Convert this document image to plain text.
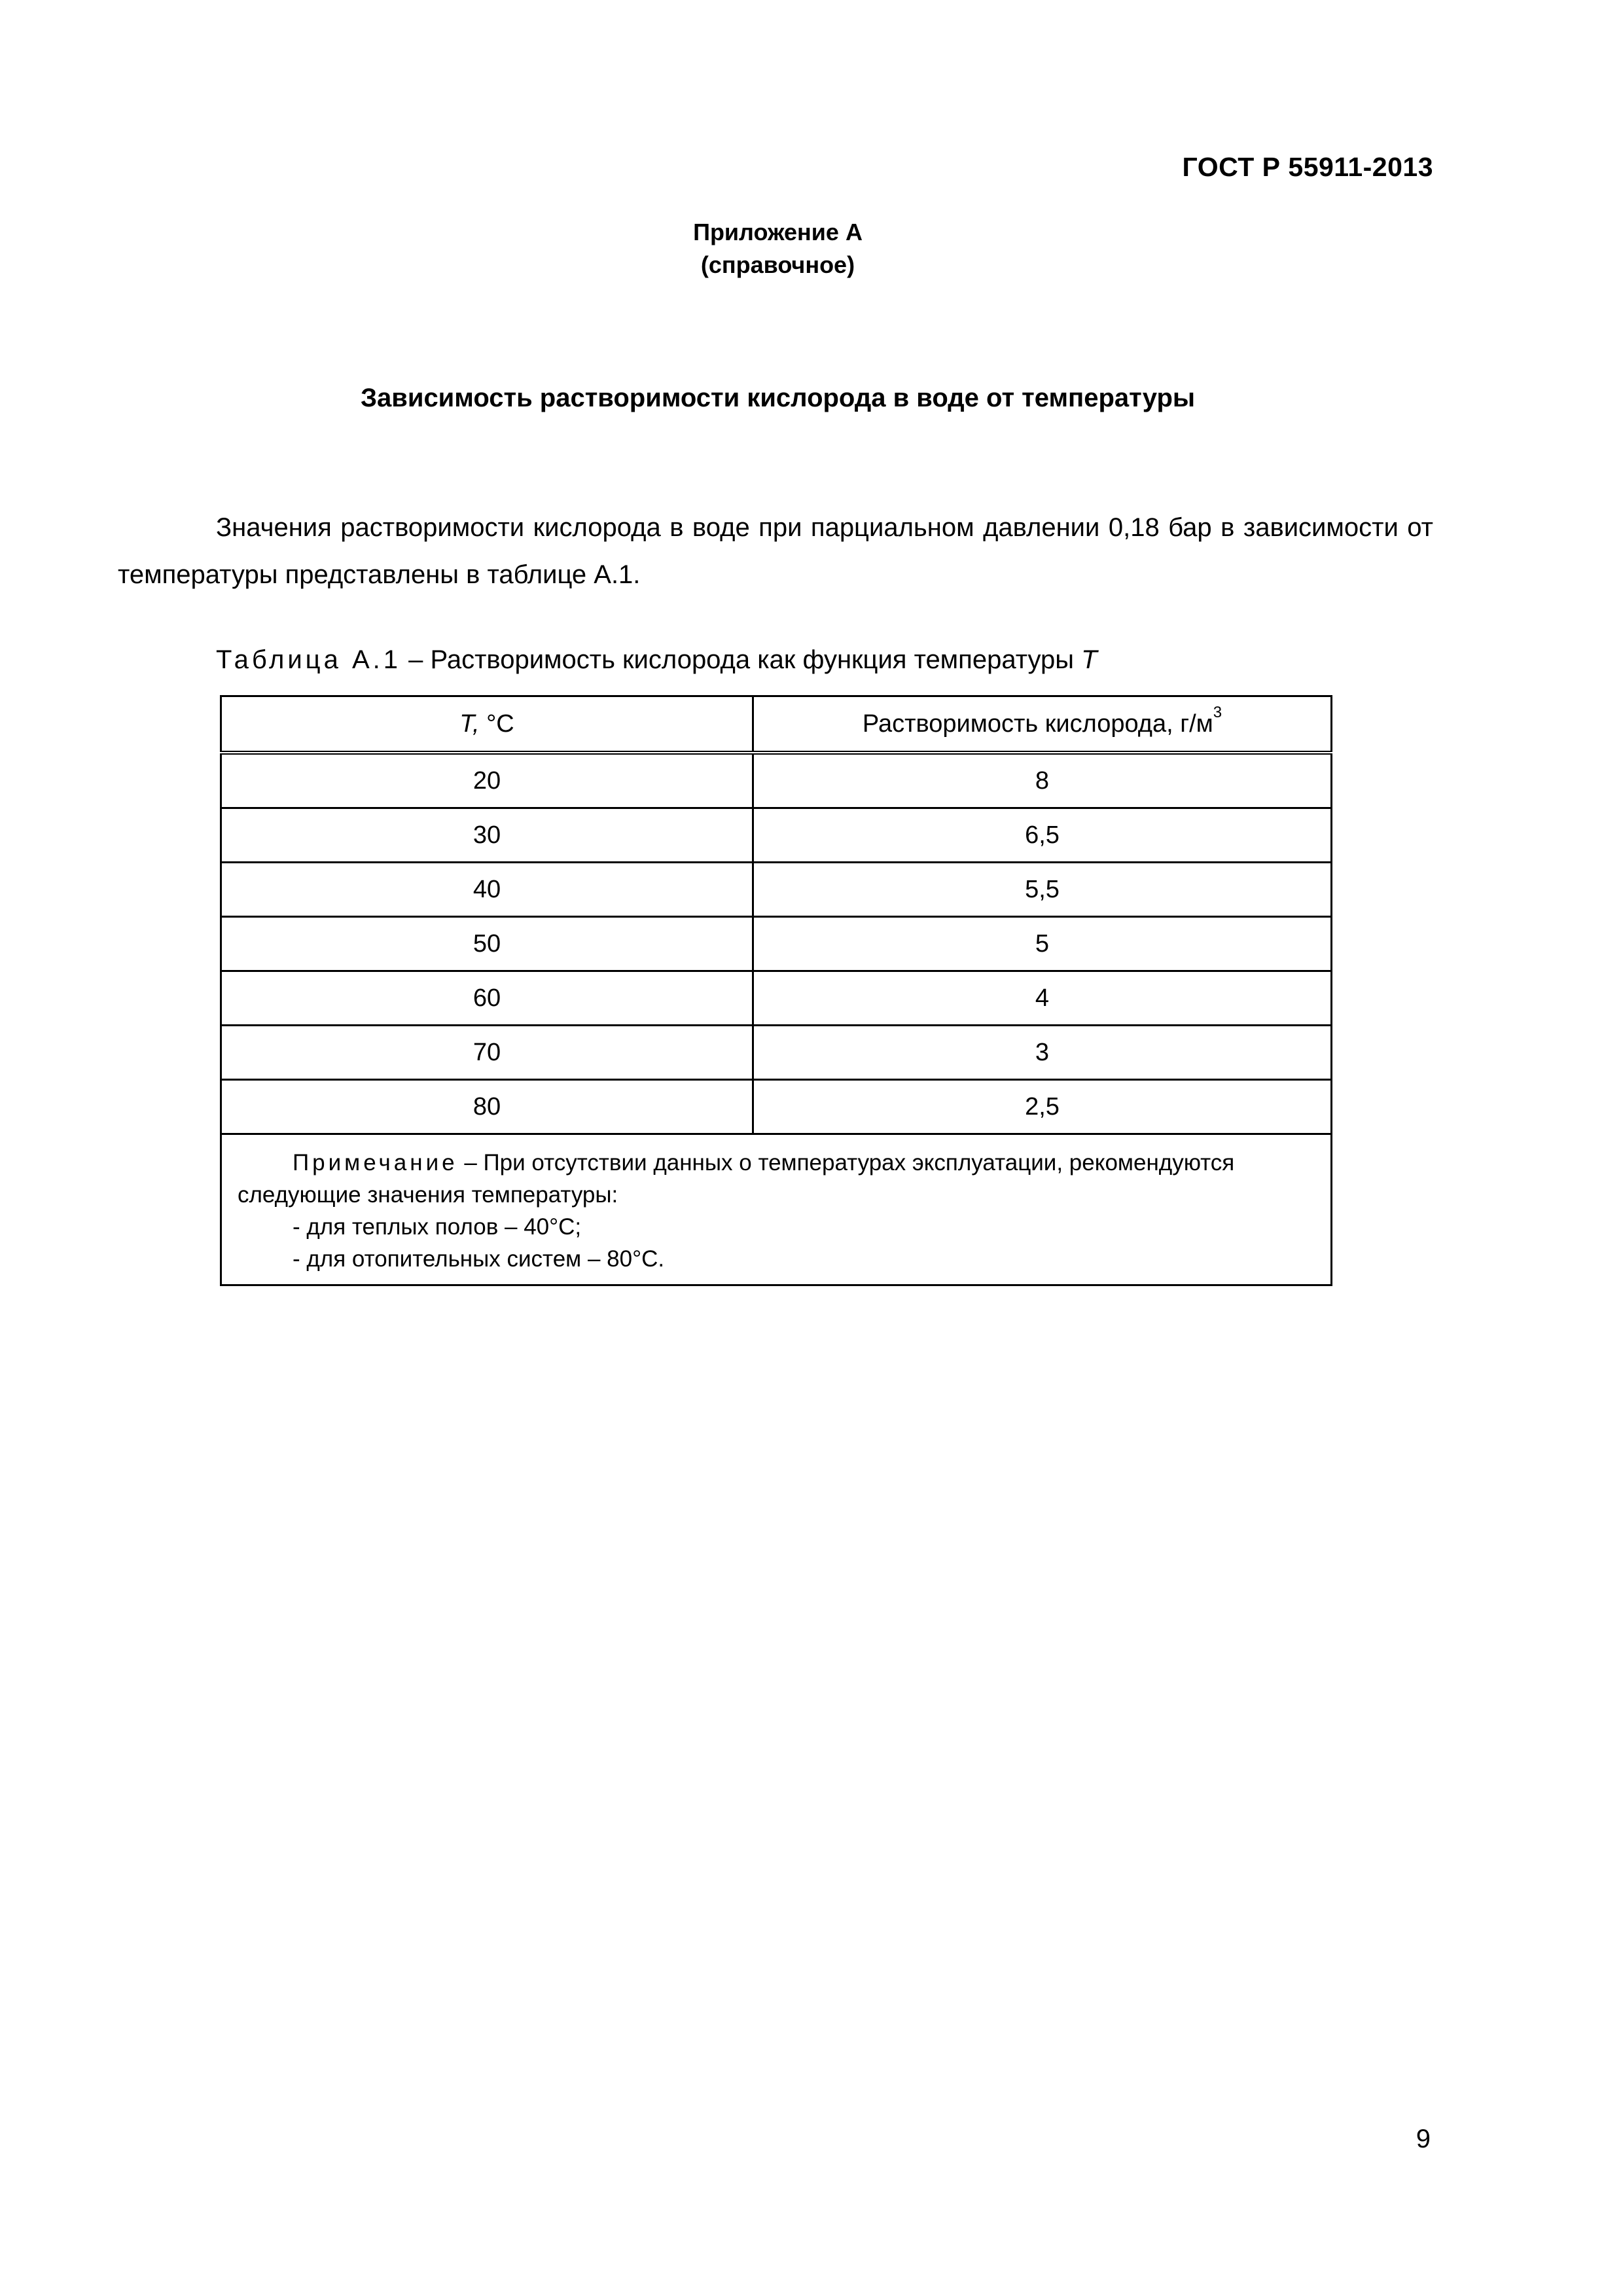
ГОСТ Р 55911-2013
Приложение А
(справочное)
Зависимость растворимости кислорода в воде от температуры

Значения растворимости кислорода в воде при парциальном давлении 0,18 бар в зависимости от температуры представлены в таблице А.1.

Таблица А.1 – Растворимость кислорода как функция температуры T
T, °С	Растворимость кислорода, $г/м^3$
20	8
30	6,5
40	5,5
50	5
60	4
70	3
80	2,5

Примечание – При отсутствии данных о температурах эксплуатации, рекомендуются следующие значения температуры:
- для теплых полов – 40°С;
- для отопительных систем – 80°С.	
9
